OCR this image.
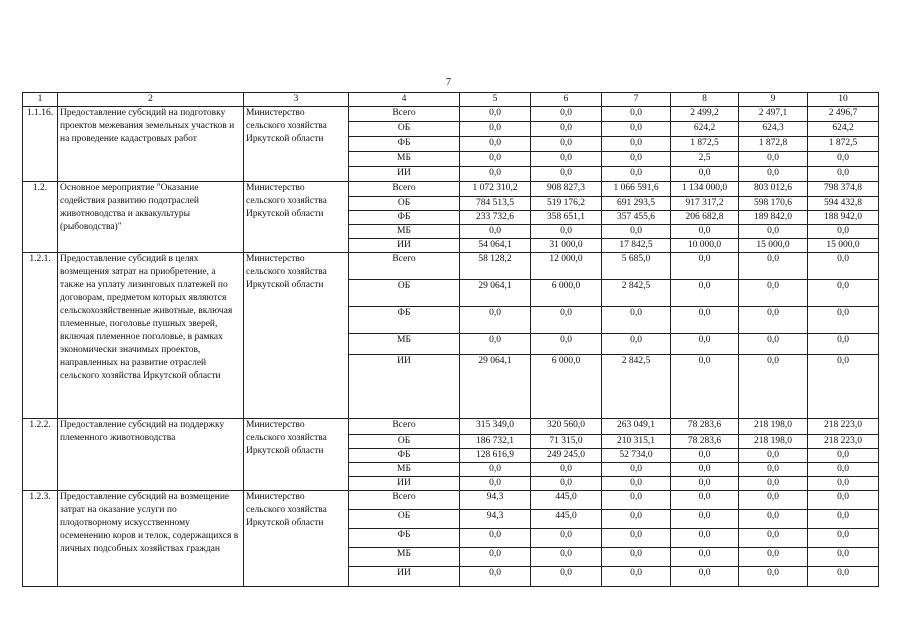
7
1	2	3	4	5	6	7	8	9	10
1.1.16.	Предоставление субсидий на подготовку проектов межевания земельных участков и на проведение кадастровых работ	Министерство сельского хозяйства Иркутской области	Всего	0,0	0,0	0,0	2 499,2	2 497,1	2 496,7
			ОБ	0,0	0,0	0,0	624,2	624,3	624,2
			ФБ	0,0	0,0	0,0	1 872,5	1 872,8	1 872,5
			МБ	0,0	0,0	0,0	2,5	0,0	0,0
			ИИ	0,0	0,0	0,0	0,0	0,0	0,0
1.2.	Основное мероприятие "Оказание содействия развитию подотраслей животноводства и аквакультуры (рыбоводства)"	Министерство сельского хозяйства Иркутской области	Всего	1 072 310,2	908 827,3	1 066 591,6	1 134 000,0	803 012,6	798 374,8
			ОБ	784 513,5	519 176,2	691 293,5	917 317,2	598 170,6	594 432,8
			ФБ	233 732,6	358 651,1	357 455,6	206 682,8	189 842,0	188 942,0
			МБ	0,0	0,0	0,0	0,0	0,0	0,0
			ИИ	54 064,1	31 000,0	17 842,5	10 000,0	15 000,0	15 000,0
1.2.1.	Предоставление субсидий в целях возмещения затрат на приобретение, а также на уплату лизинговых платежей по договорам, предметом которых являются сельскохозяйственные животные, включая племенные, поголовье пушных зверей, включая племенное поголовье, в рамках экономически значимых проектов, направленных на развитие отраслей сельского хозяйства Иркутской области	Министерство сельского хозяйства Иркутской области	Всего	58 128,2	12 000,0	5 685,0	0,0	0,0	0,0
			ОБ	29 064,1	6 000,0	2 842,5	0,0	0,0	0,0
			ФБ	0,0	0,0	0,0	0,0	0,0	0,0
			МБ	0,0	0,0	0,0	0,0	0,0	0,0
			ИИ	29 064,1	6 000,0	2 842,5	0,0	0,0	0,0
1.2.2.	Предоставление субсидий на поддержку племенного животноводства	Министерство сельского хозяйства Иркутской области	Всего	315 349,0	320 560,0	263 049,1	78 283,6	218 198,0	218 223,0
			ОБ	186 732,1	71 315,0	210 315,1	78 283,6	218 198,0	218 223,0
			ФБ	128 616,9	249 245,0	52 734,0	0,0	0,0	0,0
			МБ	0,0	0,0	0,0	0,0	0,0	0,0
			ИИ	0,0	0,0	0,0	0,0	0,0	0,0
1.2.3.	Предоставление субсидий на возмещение затрат на оказание услуги по плодотворному искусственному осеменению коров и телок, содержащихся в личных подсобных хозяйствах граждан	Министерство сельского хозяйства Иркутской области	Всего	94,3	445,0	0,0	0,0	0,0	0,0
			ОБ	94,3	445,0	0,0	0,0	0,0	0,0
			ФБ	0,0	0,0	0,0	0,0	0,0	0,0
			МБ	0,0	0,0	0,0	0,0	0,0	0,0
			ИИ	0,0	0,0	0,0	0,0	0,0	0,0
